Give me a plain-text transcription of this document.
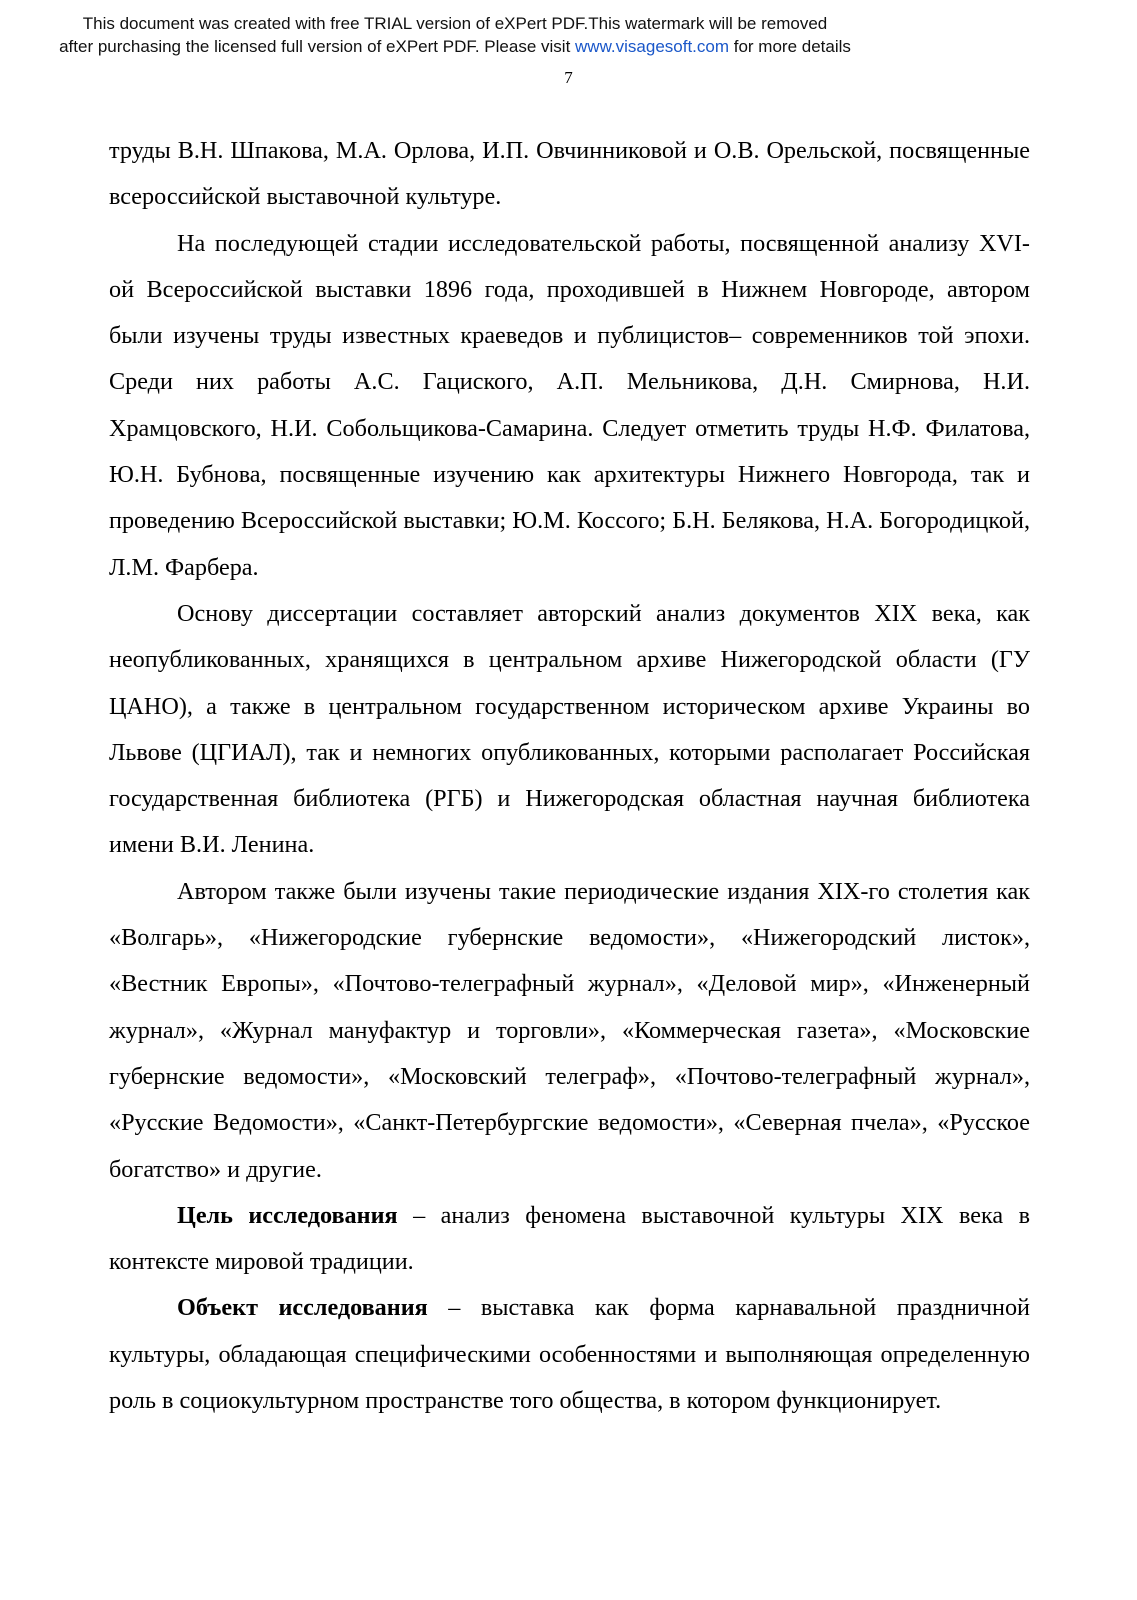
This document was created with free TRIAL version of eXPert PDF.This watermark will be removed
after purchasing the licensed full version of eXPert PDF. Please visit www.visagesoft.com for more details
7

труды В.Н. Шпакова, М.А. Орлова, И.П. Овчинниковой и О.В. Орельской, посвященные всероссийской выставочной культуре.

На последующей стадии исследовательской работы, посвященной анализу XVI-ой Всероссийской выставки 1896 года, проходившей в Нижнем Новгороде, автором были изучены труды известных краеведов и публицистов– современников той эпохи. Среди них работы А.С. Гациского, А.П. Мельникова, Д.Н. Смирнова, Н.И. Храмцовского, Н.И. Собольщикова-Самарина. Следует отметить труды Н.Ф. Филатова, Ю.Н. Бубнова, посвященные изучению как архитектуры Нижнего Новгорода, так и проведению Всероссийской выставки; Ю.М. Коссого; Б.Н. Белякова, Н.А. Богородицкой, Л.М. Фарбера.

Основу диссертации составляет авторский анализ документов XIX века, как неопубликованных, хранящихся в центральном архиве Нижегородской области (ГУ ЦАНО), а также в центральном государственном историческом архиве Украины во Львове (ЦГИАЛ), так и немногих опубликованных, которыми располагает Российская государственная библиотека (РГБ) и Нижегородская областная научная библиотека имени В.И. Ленина.

Автором также были изучены такие периодические издания XIX-го столетия как «Волгарь», «Нижегородские губернские ведомости», «Нижегородский листок», «Вестник Европы», «Почтово-телеграфный журнал», «Деловой мир», «Инженерный журнал», «Журнал мануфактур и торговли», «Коммерческая газета», «Московские губернские ведомости», «Московский телеграф», «Почтово-телеграфный журнал», «Русские Ведомости», «Санкт-Петербургские ведомости», «Северная пчела», «Русское богатство» и другие.

Цель исследования – анализ феномена выставочной культуры XIX века в контексте мировой традиции.

Объект исследования – выставка как форма карнавальной праздничной культуры, обладающая специфическими особенностями и выполняющая определенную роль в социокультурном пространстве того общества, в котором функционирует.
